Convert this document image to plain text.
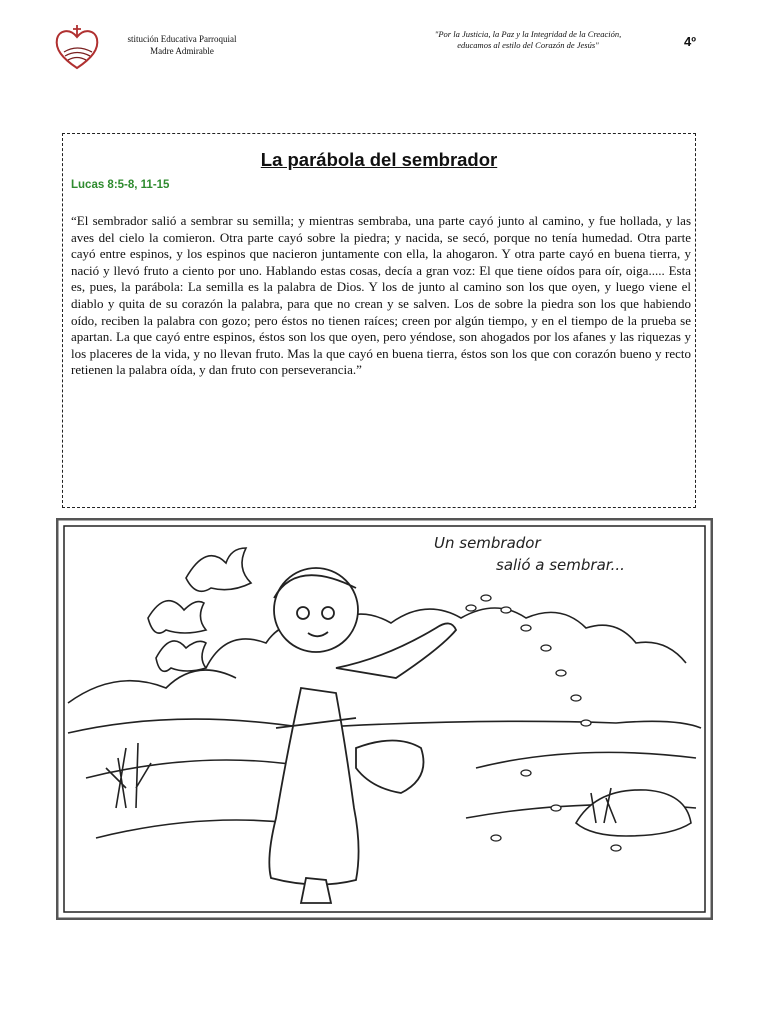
stitución Educativa Parroquial
Madre Admirable
"Por la Justicia, la Paz y la Integridad de la Creación, educamos al estilo del Corazón de Jesús"	4º
La parábola del sembrador
Lucas 8:5-8, 11-15
“El sembrador salió a sembrar su semilla; y mientras sembraba, una parte cayó junto al camino, y fue hollada, y las aves del cielo la comieron. Otra parte cayó sobre la piedra; y nacida, se secó, porque no tenía humedad. Otra parte cayó entre espinos, y los espinos que nacieron juntamente con ella, la ahogaron. Y otra parte cayó en buena tierra, y nació y llevó fruto a ciento por uno. Hablando estas cosas, decía a gran voz: El que tiene oídos para oír, oiga..... Esta es, pues, la parábola: La semilla es la palabra de Dios. Y los de junto al camino son los que oyen, y luego viene el diablo y quita de su corazón la palabra, para que no crean y se salven. Los de sobre la piedra son los que habiendo oído, reciben la palabra con gozo; pero éstos no tienen raíces; creen por algún tiempo, y en el tiempo de la prueba se apartan. La que cayó entre espinos, éstos son los que oyen, pero yéndose, son ahogados por los afanes y las riquezas y los placeres de la vida, y no llevan fruto. Mas la que cayó en buena tierra, éstos son los que con corazón bueno y recto retienen la palabra oída, y dan fruto con perseverancia.”
Un sembrador
salió a sembrar...
